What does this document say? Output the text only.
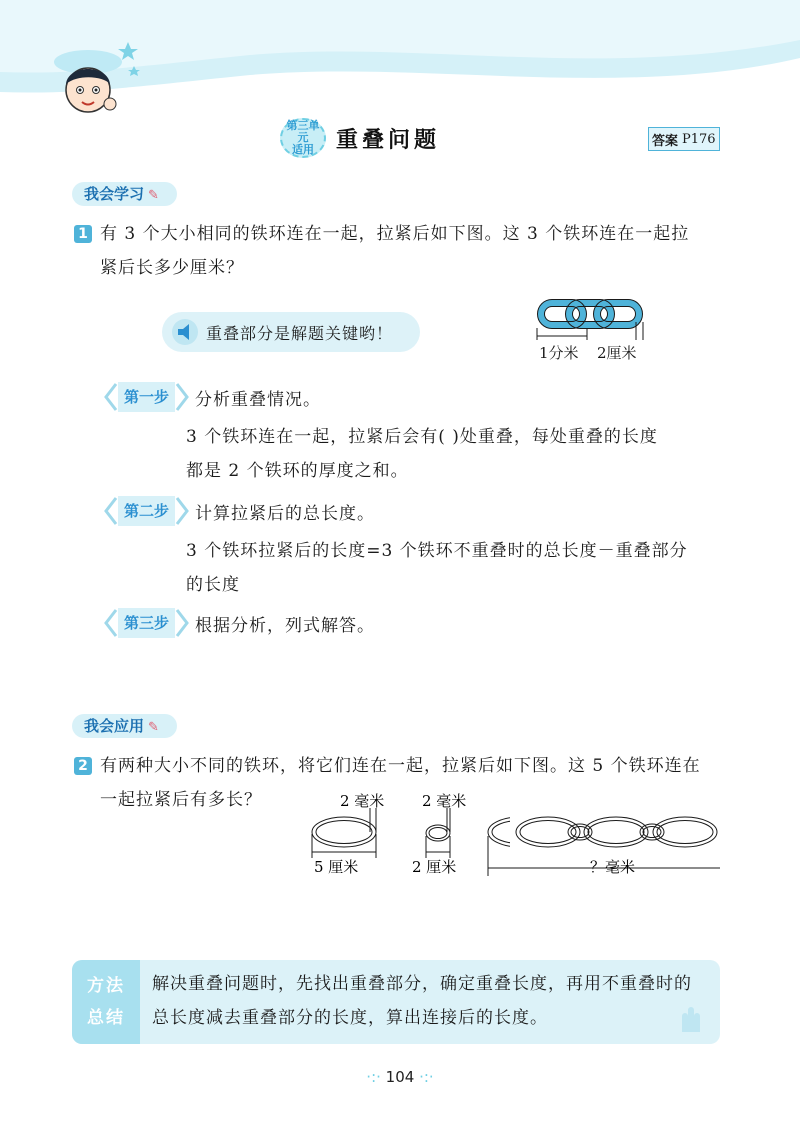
第三单元
适用	重叠问题	答案 P176
我会学习 ✎
1 有 3 个大小相同的铁环连在一起，拉紧后如下图。这 3 个铁环连在一起拉
紧后长多少厘米？
重叠部分是解题关键哟！
1分米 2厘米
第一步	分析重叠情况。
3 个铁环连在一起，拉紧后会有( )处重叠，每处重叠的长度
都是 2 个铁环的厚度之和。
第二步	计算拉紧后的总长度。
3 个铁环拉紧后的长度=3 个铁环不重叠时的总长度－重叠部分
的长度
第三步	根据分析，列式解答。
我会应用 ✎
2 有两种大小不同的铁环，将它们连在一起，拉紧后如下图。这 5 个铁环连在
一起拉紧后有多长？	2 毫米	2 毫米
5 厘米	2 厘米	？毫米
方法
总结
解决重叠问题时，先找出重叠部分，确定重叠长度，再用不重叠时的
总长度减去重叠部分的长度，算出连接后的长度。
·:· 104 ·:·
